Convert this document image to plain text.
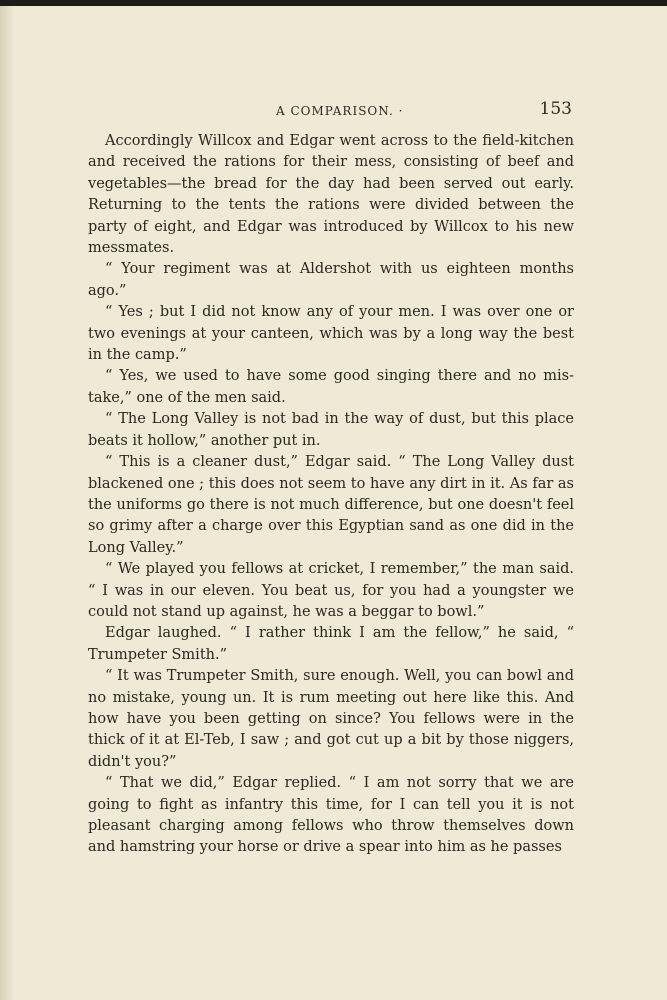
A COMPARISON. ·	153

Accordingly Willcox and Edgar went across to the field-kitchen and received the rations for their mess, consisting of beef and vegetables—the bread for the day had been served out early. Returning to the tents the rations were divided between the party of eight, and Edgar was introduced by Willcox to his new messmates.

“ Your regiment was at Aldershot with us eighteen months ago.”

“ Yes ; but I did not know any of your men. I was over one or two evenings at your canteen, which was by a long way the best in the camp.”

“ Yes, we used to have some good singing there and no mis-take,” one of the men said.

“ The Long Valley is not bad in the way of dust, but this place beats it hollow,” another put in.

“ This is a cleaner dust,” Edgar said. “ The Long Valley dust blackened one ; this does not seem to have any dirt in it. As far as the uniforms go there is not much difference, but one doesn't feel so grimy after a charge over this Egyptian sand as one did in the Long Valley.”

“ We played you fellows at cricket, I remember,” the man said. “ I was in our eleven. You beat us, for you had a youngster we could not stand up against, he was a beggar to bowl.”

Edgar laughed. “ I rather think I am the fellow,” he said, “ Trumpeter Smith.”

“ It was Trumpeter Smith, sure enough. Well, you can bowl and no mistake, young un. It is rum meeting out here like this. And how have you been getting on since? You fellows were in the thick of it at El-Teb, I saw ; and got cut up a bit by those niggers, didn't you?”

“ That we did,” Edgar replied. “ I am not sorry that we are going to fight as infantry this time, for I can tell you it is not pleasant charging among fellows who throw themselves down and hamstring your horse or drive a spear into him as he passes
